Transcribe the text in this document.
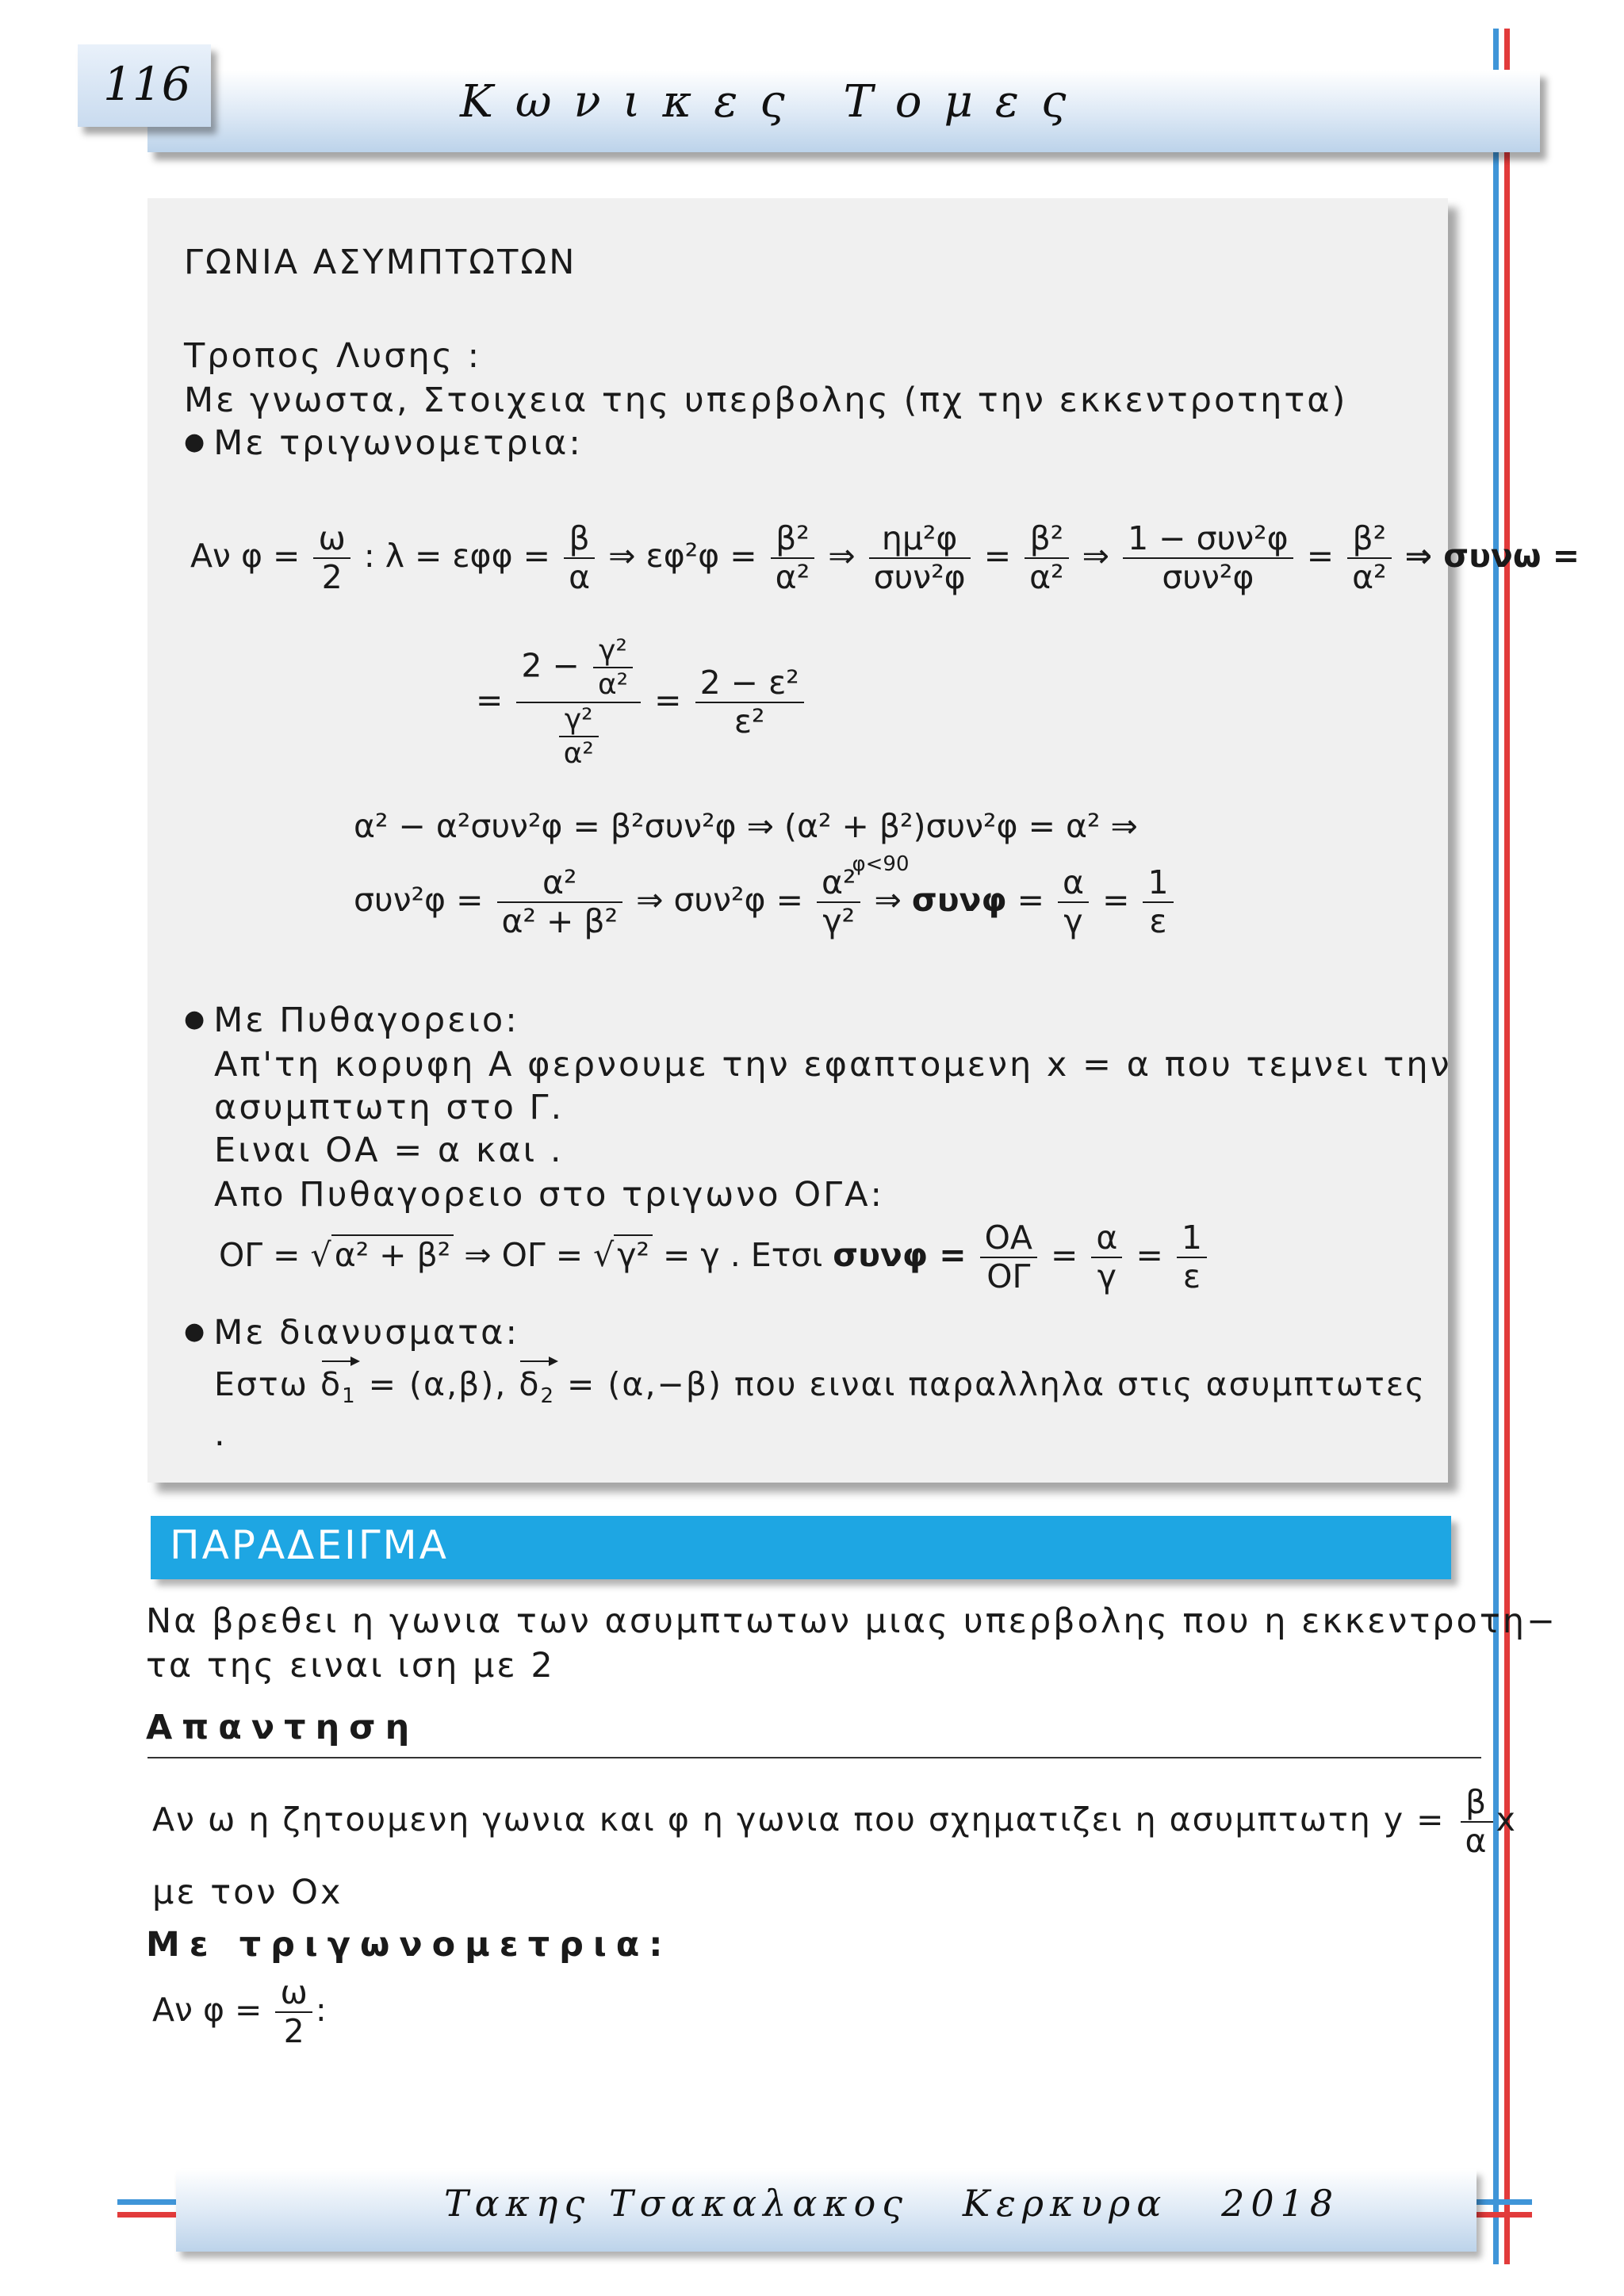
Κωνικες Τομες
116
ΓΩΝΙΑ ΑΣΥΜΠΤΩΤΩΝ
Τροπος Λυσης :
Με γνωστα, Στοιχεια της υπερβολης (πχ την εκκεντροτητα)
● Με τριγωνομετρια:
Αν $\varphi = \frac{\omega}{2}$ : $\lambda = \varepsilon\varphi\varphi = \frac{\beta}{\alpha}$ ⇒ $\varepsilon\varphi^2\varphi = \frac{\text{β²}}{\text{α²}}$ ⇒ $\frac{\text{ημ²φ}}{\text{συν²φ}} = \frac{\text{β²}}{\text{α²}}$ ⇒ $\frac{\text{1 − συν²φ}}{\text{συν²φ}} = \frac{\text{β²}}{\text{α²}}$ ⇒ συνω =
= $\frac{2 - \frac{\text{γ²}}{\text{α²}}}{\frac{\text{γ²}}{\text{α²}}} = \frac{\text{2 − ε²}}{\text{ε²}}$
α² − α²συν²φ = β²συν²φ ⇒ (α² + β²)συν²φ = α² ⇒
$\sigma\upsilon\nu^2\varphi = \frac{\text{α²}}{\text{α² + β²}}$ ⇒ $\sigma\upsilon\nu^2\varphi = \frac{\text{α²}}{\text{γ²}}$

φ<90
⇒ $\sigma\upsilon\nu\varphi = \frac{\alpha}{\gamma} = \frac{1}{\varepsilon}$
● Με Πυθαγορειο:
Απ'τη κορυφη Α φερνουμε την εφαπτομενη x = α που τεμνει την
ασυμπτωτη στο Γ.
Ειναι ΟΑ = α και .
Απο Πυθαγορειο στο τριγωνο ΟΓΑ:
ΟΓ = √α² + β² ⇒ ΟΓ = √γ² = γ . Ετσι $\sigma\upsilon\nu\varphi = \frac{OA}{O\Gamma} = \frac{\alpha}{\gamma} = \frac{1}{\varepsilon}$
● Με διανυσματα:
Εστω $\delta_1 = (\alpha,\beta)$, $\delta_2 = (\alpha,-\beta)$ που ειναι παραλληλα στις ασυμπτωτες
.
ΠΑΡΑΔΕΙΓΜΑ
Να βρεθει η γωνια των ασυμπτωτων μιας υπερβολης που η εκκεντροτη−
τα της ειναι ιση με 2
Απαντηση
Αν ω η ζητουμενη γωνια και φ η γωνια που σχηματιζει η ασυμπτωτη $y = \frac{\beta}{\alpha}$ x
με τον Οx
Με τριγωνομετρια:
Αν $\varphi = \frac{\omega}{2}$ :
Τακης Τσακαλακος   Κερκυρα   2018
